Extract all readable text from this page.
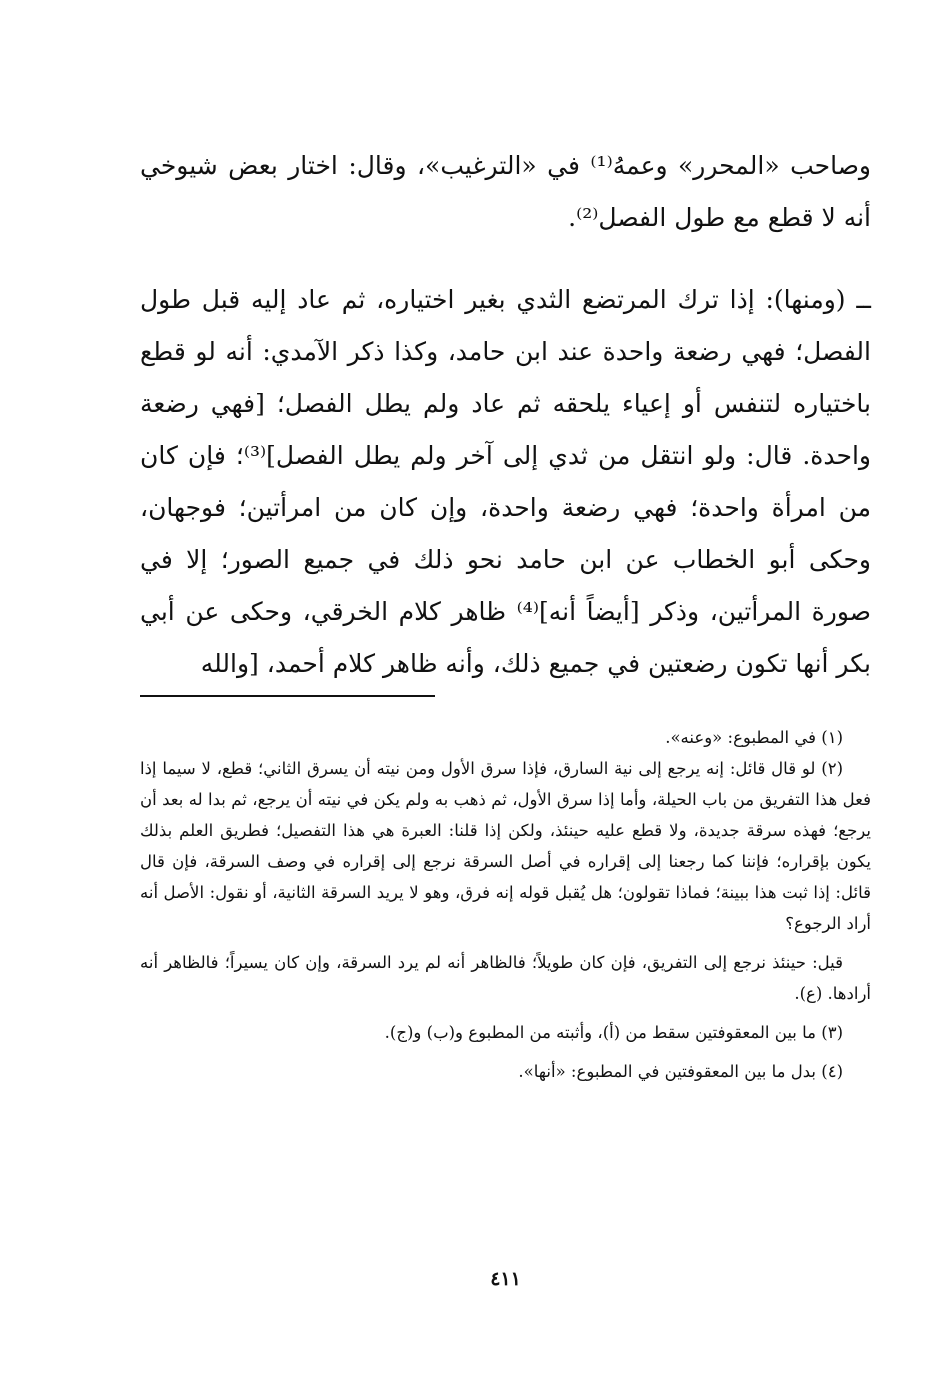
وصاحب «المحرر» وعمهُ⁽¹⁾ في «الترغيب»، وقال: اختار بعض شيوخي أنه لا قطع مع طول الفصل⁽²⁾.

ــ (ومنها): إذا ترك المرتضع الثدي بغير اختياره، ثم عاد إليه قبل طول الفصل؛ فهي رضعة واحدة عند ابن حامد، وكذا ذكر الآمدي: أنه لو قطع باختياره لتنفس أو إعياء يلحقه ثم عاد ولم يطل الفصل؛ [فهي رضعة واحدة. قال: ولو انتقل من ثدي إلى آخر ولم يطل الفصل]⁽³⁾؛ فإن كان من امرأة واحدة؛ فهي رضعة واحدة، وإن كان من امرأتين؛ فوجهان، وحكى أبو الخطاب عن ابن حامد نحو ذلك في جميع الصور؛ إلا في صورة المرأتين، وذكر [أيضاً أنه]⁽⁴⁾ ظاهر كلام الخرقي، وحكى عن أبي بكر أنها تكون رضعتين في جميع ذلك، وأنه ظاهر كلام أحمد، [والله

(١) في المطبوع: «وعنه».

(٢) لو قال قائل: إنه يرجع إلى نية السارق، فإذا سرق الأول ومن نيته أن يسرق الثاني؛ قطع، لا سيما إذا فعل هذا التفريق من باب الحيلة، وأما إذا سرق الأول، ثم ذهب به ولم يكن في نيته أن يرجع، ثم بدا له بعد أن يرجع؛ فهذه سرقة جديدة، ولا قطع عليه حينئذ، ولكن إذا قلنا: العبرة هي هذا التفصيل؛ فطريق العلم بذلك يكون بإقراره؛ فإننا كما رجعنا إلى إقراره في أصل السرقة نرجع إلى إقراره في وصف السرقة، فإن قال قائل: إذا ثبت هذا ببينة؛ فماذا تقولون؛ هل يُقبل قوله إنه فرق، وهو لا يريد السرقة الثانية، أو نقول: الأصل أنه أراد الرجوع؟

قيل: حينئذ نرجع إلى التفريق، فإن كان طويلاً؛ فالظاهر أنه لم يرد السرقة، وإن كان يسيراً؛ فالظاهر أنه أرادها. (ع).

(٣) ما بين المعقوفتين سقط من (أ)، وأثبته من المطبوع و(ب) و(ج).

(٤) بدل ما بين المعقوفتين في المطبوع: «أنها».

٤١١
